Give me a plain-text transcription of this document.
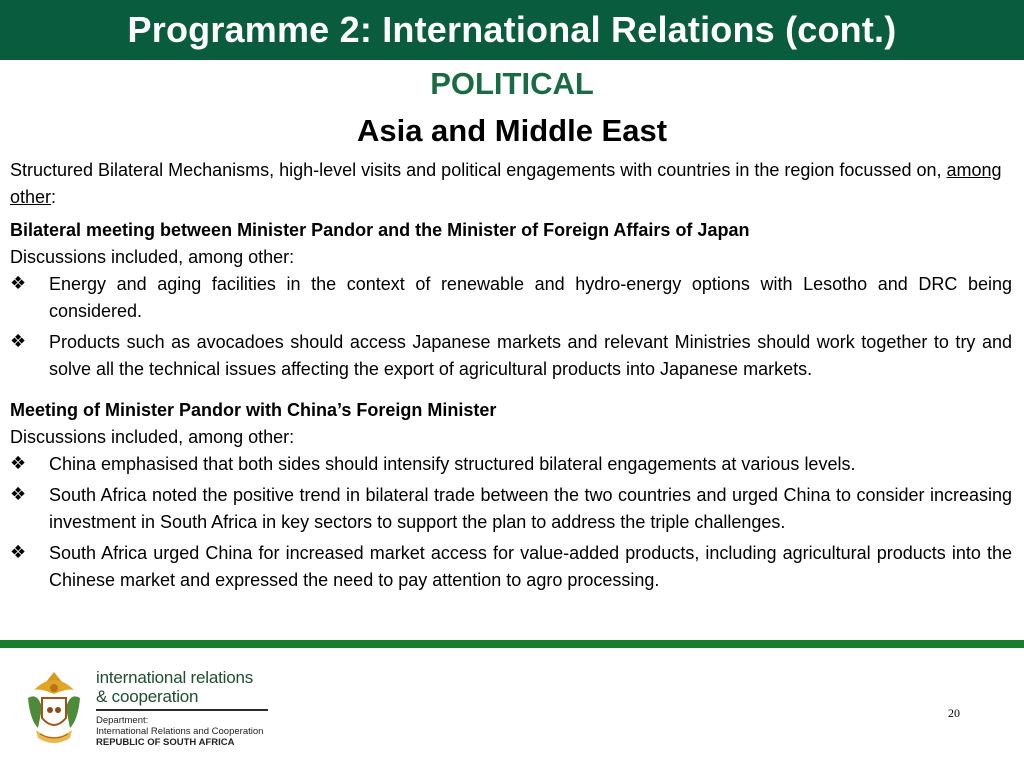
Programme 2: International Relations (cont.)
POLITICAL
Asia and Middle East

Structured Bilateral Mechanisms, high-level visits and political engagements with countries in the region focussed on, among other:

Bilateral meeting between Minister Pandor and the Minister of Foreign Affairs of Japan

Discussions included, among other:

❖ Energy and aging facilities in the context of renewable and hydro-energy options with Lesotho and DRC being considered.
❖ Products such as avocadoes should access Japanese markets and relevant Ministries should work together to try and solve all the technical issues affecting the export of agricultural products into Japanese markets.

Meeting of Minister Pandor with China’s Foreign Minister

Discussions included, among other:

❖ China emphasised that both sides should intensify structured bilateral engagements at various levels.
❖ South Africa noted the positive trend in bilateral trade between the two countries and urged China to consider increasing investment in South Africa in key sectors to support the plan to address the triple challenges.
❖ South Africa urged China for increased market access for value-added products, including agricultural products into the Chinese market and expressed the need to pay attention to agro processing.
international relations
& cooperation
Department:
International Relations and Cooperation
REPUBLIC OF SOUTH AFRICA
20
